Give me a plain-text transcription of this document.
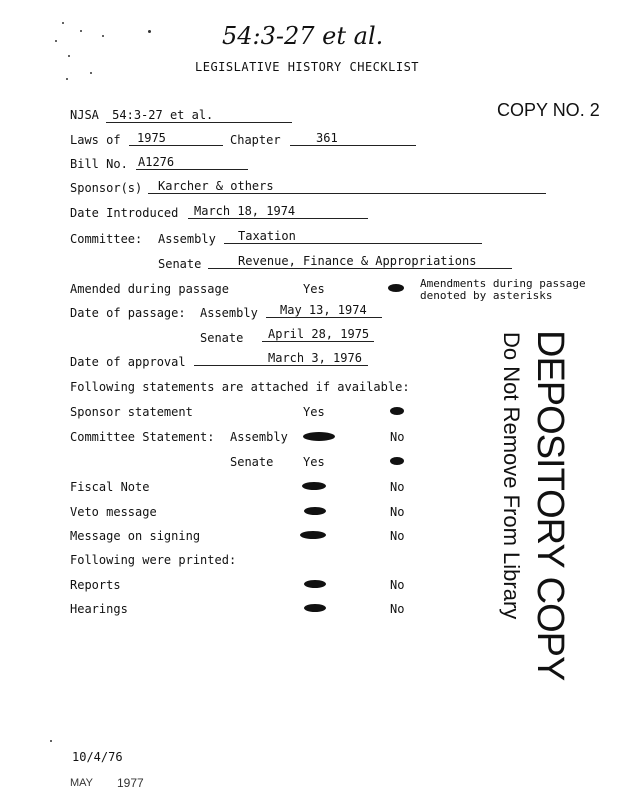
54:3-27 et al.
LEGISLATIVE HISTORY CHECKLIST
COPY NO. 2
NJSA 54:3-27 et al.
Laws of	1975	Chapter	361
Bill No. A1276
Sponsor(s)	Karcher & others
Date Introduced	March 18, 1974
Committee: Assembly	Taxation
Senate	Revenue, Finance & Appropriations
Amended during passage	Yes	Amendments during passage
denoted by asterisks
Date of passage: Assembly	May 13, 1974
Senate	April 28, 1975
Date of approval	March 3, 1976
Following statements are attached if available:
Sponsor statement	Yes
Committee Statement: Assembly	No
Senate Yes
Fiscal Note	No
Veto message	No
Message on signing	No
Following were printed:
Reports	No
Hearings	No	DEPOSITORY COPY
Do Not Remove From Library
10/4/76
MAY 1977
